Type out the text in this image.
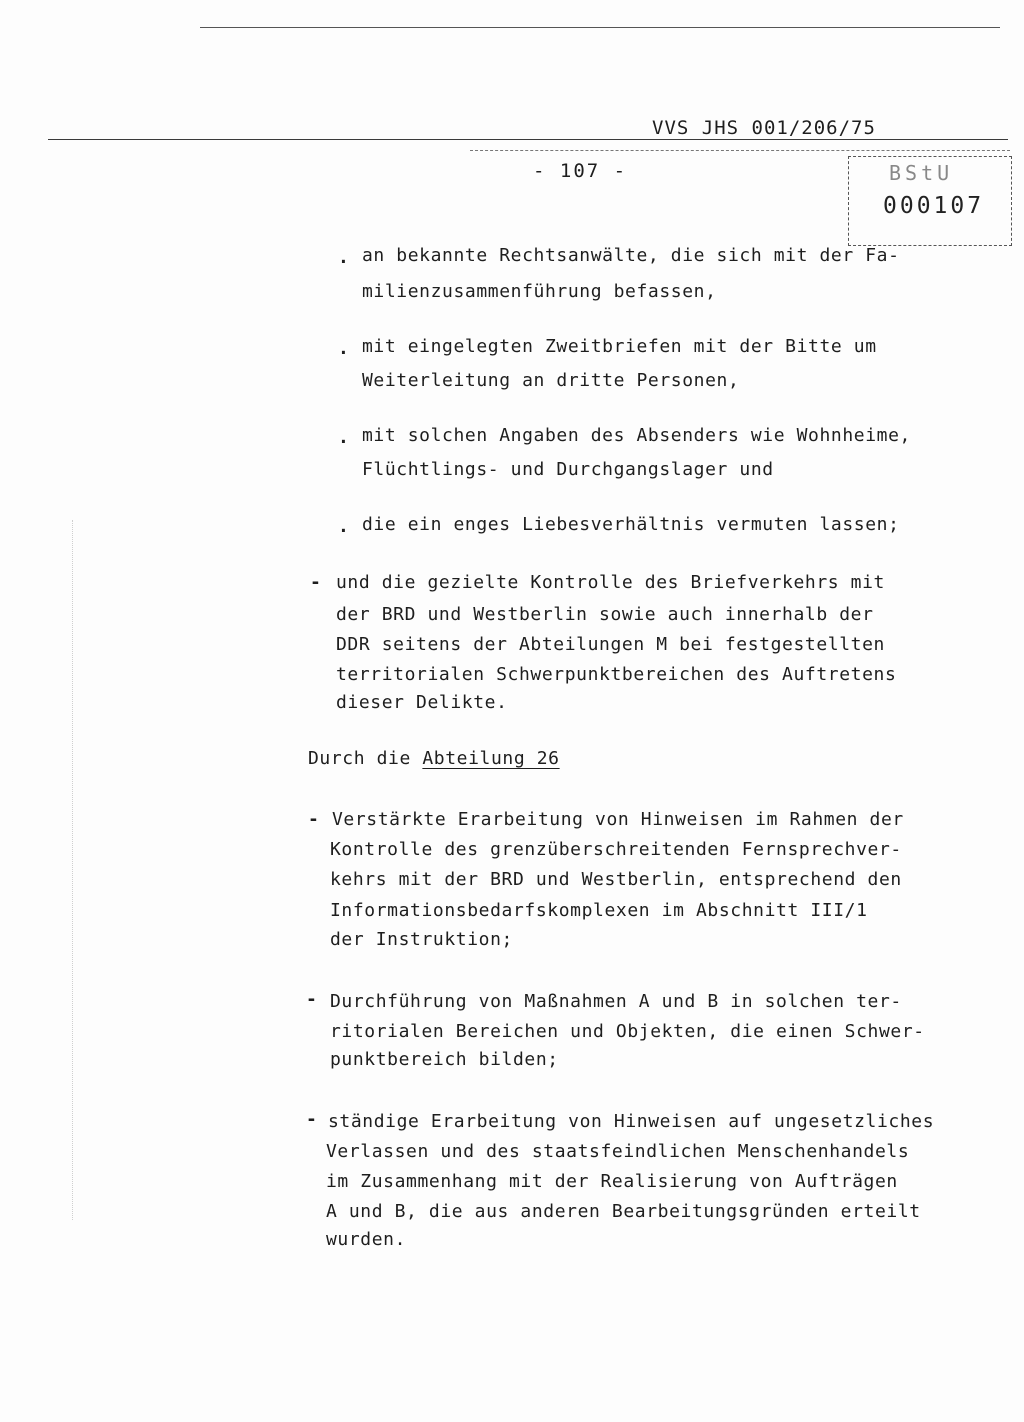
VVS JHS 001/206/75
- 107 -	BStU
000107
. an bekannte Rechtsanwälte, die sich mit der Fa-
milienzusammenführung befassen,
. mit eingelegten Zweitbriefen mit der Bitte um
Weiterleitung an dritte Personen,
. mit solchen Angaben des Absenders wie Wohnheime,
Flüchtlings- und Durchgangslager und
. die ein enges Liebesverhältnis vermuten lassen;
- und die gezielte Kontrolle des Briefverkehrs mit
der BRD und Westberlin sowie auch innerhalb der
DDR seitens der Abteilungen M bei festgestellten
territorialen Schwerpunktbereichen des Auftretens
dieser Delikte.
Durch die Abteilung 26
- Verstärkte Erarbeitung von Hinweisen im Rahmen der
Kontrolle des grenzüberschreitenden Fernsprechver-
kehrs mit der BRD und Westberlin, entsprechend den
Informationsbedarfskomplexen im Abschnitt III/1
der Instruktion;
- Durchführung von Maßnahmen A und B in solchen ter-
ritorialen Bereichen und Objekten, die einen Schwer-
punktbereich bilden;
- ständige Erarbeitung von Hinweisen auf ungesetzliches
Verlassen und des staatsfeindlichen Menschenhandels
im Zusammenhang mit der Realisierung von Aufträgen
A und B, die aus anderen Bearbeitungsgründen erteilt
wurden.
